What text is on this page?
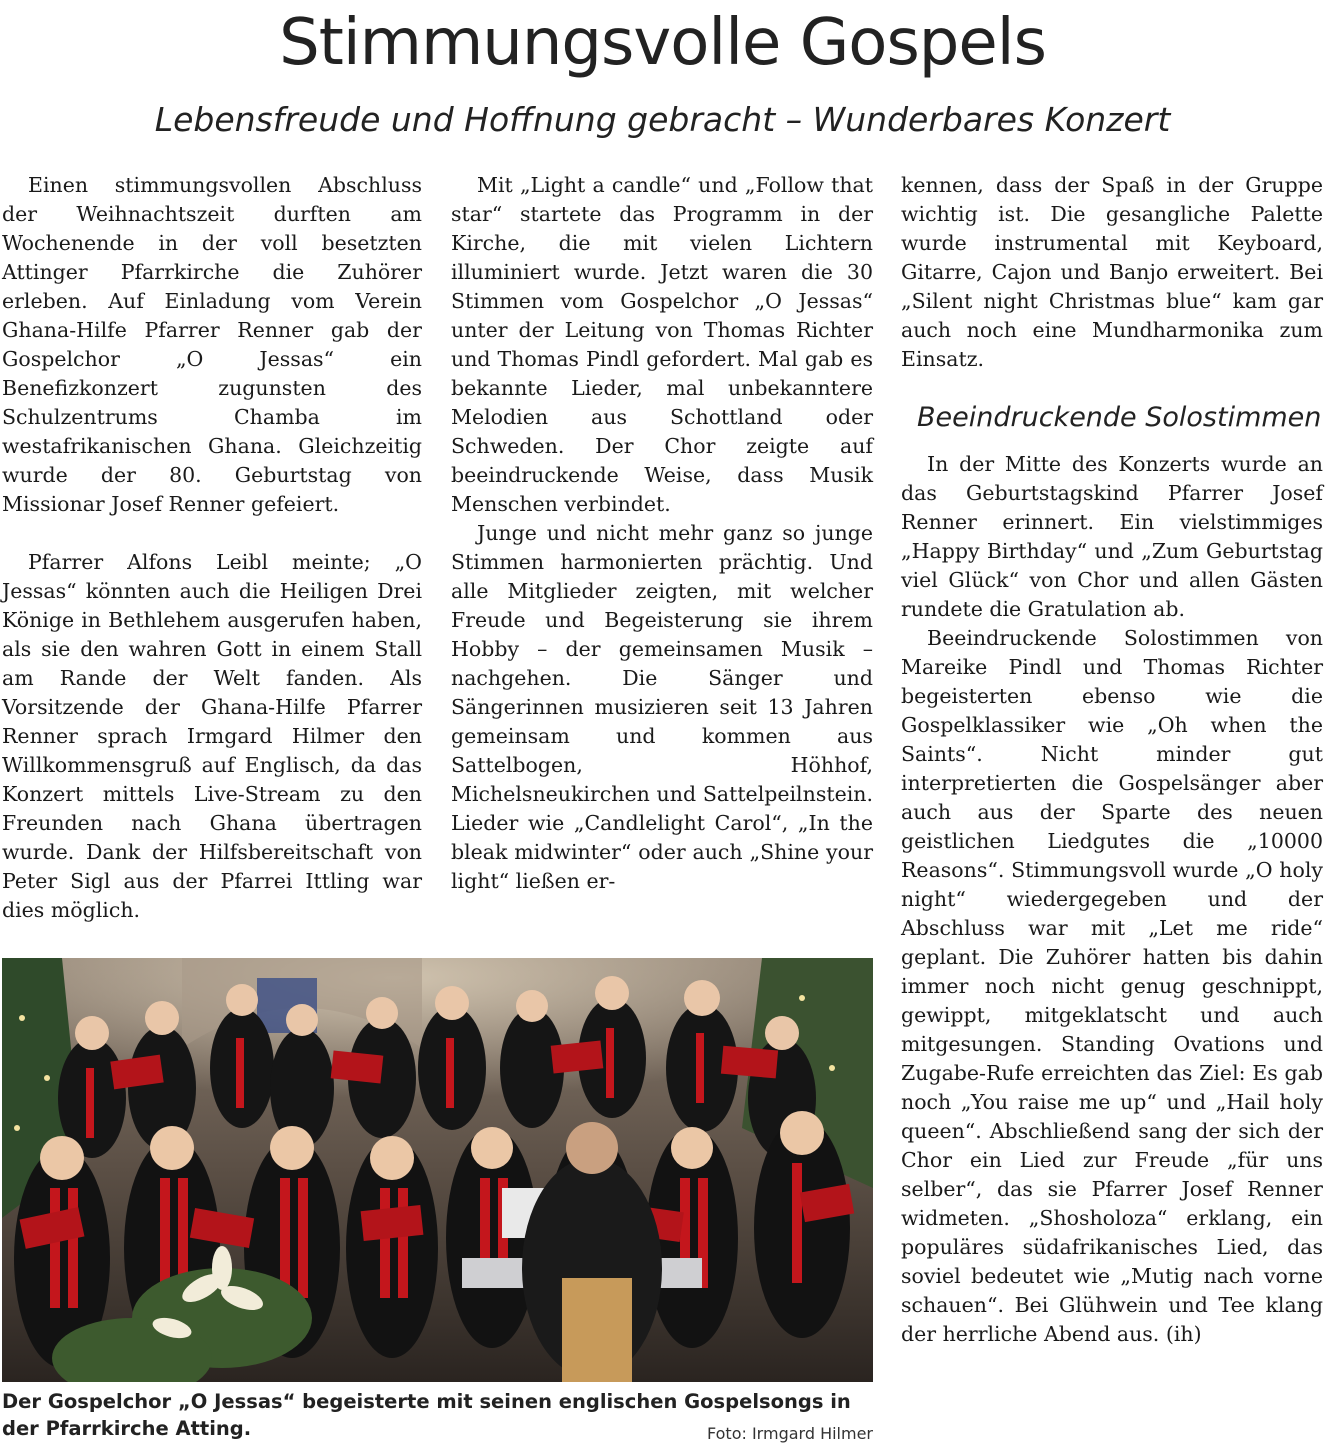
Stimmungsvolle Gospels
Lebensfreude und Hoffnung gebracht – Wunderbares Konzert

Einen stimmungsvollen Abschluss der Weihnachtszeit durften am Wochenende in der voll besetzten Attinger Pfarrkirche die Zuhörer erleben. Auf Einladung vom Verein Ghana-Hilfe Pfarrer Renner gab der Gospelchor „O Jessas“ ein Benefizkonzert zugunsten des Schulzentrums Chamba im westafrikanischen Ghana. Gleichzeitig wurde der 80. Geburtstag von Missionar Josef Renner gefeiert.

Pfarrer Alfons Leibl meinte; „O Jessas“ könnten auch die Heiligen Drei Könige in Bethlehem ausgerufen haben, als sie den wahren Gott in einem Stall am Rande der Welt fanden. Als Vorsitzende der Ghana-Hilfe Pfarrer Renner sprach Irmgard Hilmer den Willkommensgruß auf Englisch, da das Konzert mittels Live-Stream zu den Freunden nach Ghana übertragen wurde. Dank der Hilfsbereitschaft von Peter Sigl aus der Pfarrei Ittling war dies möglich.

Mit „Light a candle“ und „Follow that star“ startete das Programm in der Kirche, die mit vielen Lichtern illuminiert wurde. Jetzt waren die 30 Stimmen vom Gospelchor „O Jessas“ unter der Leitung von Thomas Richter und Thomas Pindl gefordert. Mal gab es bekannte Lieder, mal unbekanntere Melodien aus Schottland oder Schweden. Der Chor zeigte auf beeindruckende Weise, dass Musik Menschen verbindet.

Junge und nicht mehr ganz so junge Stimmen harmonierten prächtig. Und alle Mitglieder zeigten, mit welcher Freude und Begeisterung sie ihrem Hobby – der gemeinsamen Musik – nachgehen. Die Sänger und Sängerinnen musizieren seit 13 Jahren gemeinsam und kommen aus Sattelbogen, Höhhof, Michelsneukirchen und Sattelpeilnstein. Lieder wie „Candlelight Carol“, „In the bleak midwinter“ oder auch „Shine your light“ ließen er-

kennen, dass der Spaß in der Gruppe wichtig ist. Die gesangliche Palette wurde instrumental mit Keyboard, Gitarre, Cajon und Banjo erweitert. Bei „Silent night Christmas blue“ kam gar auch noch eine Mundharmonika zum Einsatz.

Beeindruckende Solostimmen

In der Mitte des Konzerts wurde an das Geburtstagskind Pfarrer Josef Renner erinnert. Ein vielstimmiges „Happy Birthday“ und „Zum Geburtstag viel Glück“ von Chor und allen Gästen rundete die Gratulation ab.

Beeindruckende Solostimmen von Mareike Pindl und Thomas Richter begeisterten ebenso wie die Gospelklassiker wie „Oh when the Saints“. Nicht minder gut interpretierten die Gospelsänger aber auch aus der Sparte des neuen geistlichen Liedgutes die „10000 Reasons“. Stimmungsvoll wurde „O holy night“ wiedergegeben und der Abschluss war mit „Let me ride“ geplant. Die Zuhörer hatten bis dahin immer noch nicht genug geschnippt, gewippt, mitgeklatscht und auch mitgesungen. Standing Ovations und Zugabe-Rufe erreichten das Ziel: Es gab noch „You raise me up“ und „Hail holy queen“. Abschließend sang der sich der Chor ein Lied zur Freude „für uns selber“, das sie Pfarrer Josef Renner widmeten. „Shosholoza“ erklang, ein populäres südafrikanisches Lied, das soviel bedeutet wie „Mutig nach vorne schauen“. Bei Glühwein und Tee klang der herrliche Abend aus. (ih)

Der Gospelchor „O Jessas“ begeisterte mit seinen englischen Gospelsongs in der Pfarrkirche Atting.	Foto: Irmgard Hilmer
